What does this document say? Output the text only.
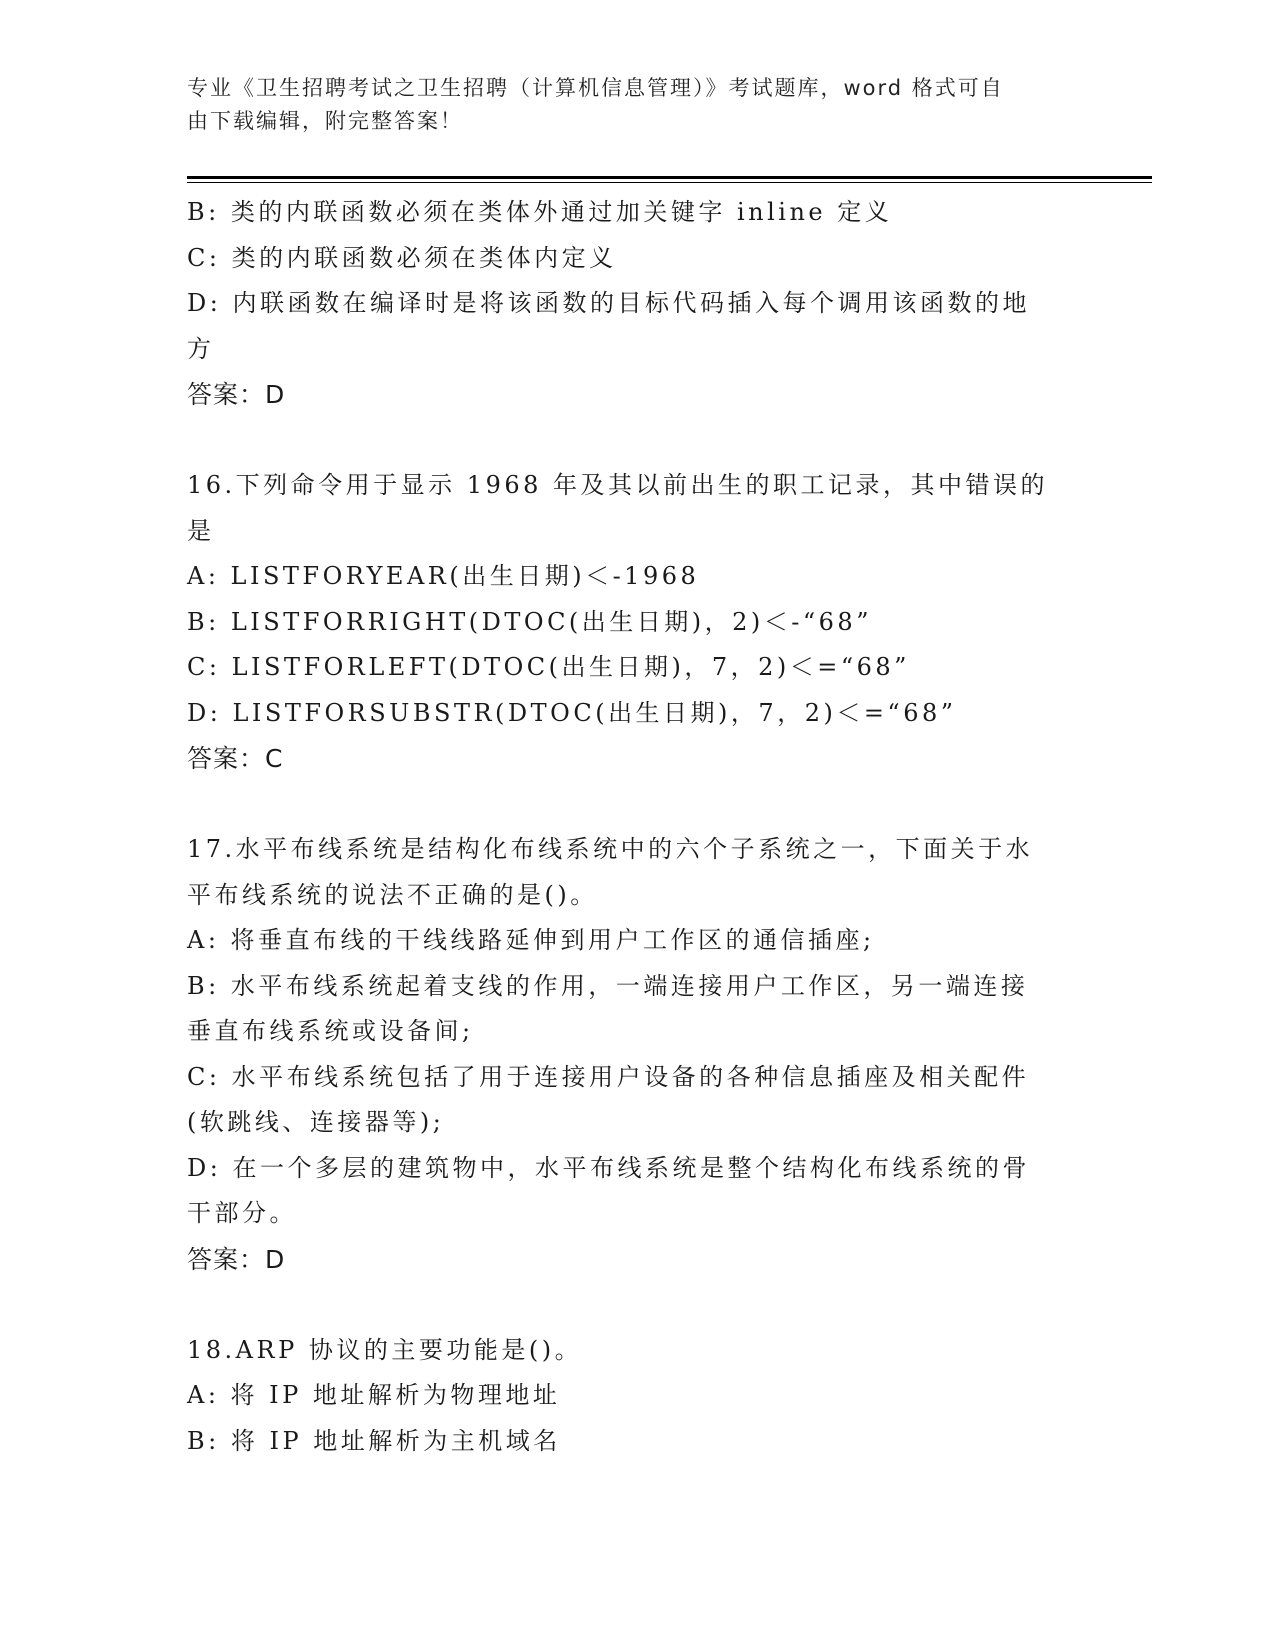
专业《卫生招聘考试之卫生招聘（计算机信息管理）》考试题库，word 格式可自
由下载编辑，附完整答案！
B: 类的内联函数必须在类体外通过加关键字 inline 定义
C: 类的内联函数必须在类体内定义
D: 内联函数在编译时是将该函数的目标代码插入每个调用该函数的地
方
答案：D
16.下列命令用于显示 1968 年及其以前出生的职工记录，其中错误的
是
A: LISTFORYEAR(出生日期)＜-1968
B: LISTFORRIGHT(DTOC(出生日期)，2)＜-“68”
C: LISTFORLEFT(DTOC(出生日期)，7，2)＜=“68”
D: LISTFORSUBSTR(DTOC(出生日期)，7，2)＜=“68”
答案：C
17.水平布线系统是结构化布线系统中的六个子系统之一，下面关于水
平布线系统的说法不正确的是()。
A: 将垂直布线的干线线路延伸到用户工作区的通信插座;
B: 水平布线系统起着支线的作用，一端连接用户工作区，另一端连接
垂直布线系统或设备间;
C: 水平布线系统包括了用于连接用户设备的各种信息插座及相关配件
(软跳线、连接器等);
D: 在一个多层的建筑物中，水平布线系统是整个结构化布线系统的骨
干部分。
答案：D
18.ARP 协议的主要功能是()。
A: 将 IP 地址解析为物理地址
B: 将 IP 地址解析为主机域名
